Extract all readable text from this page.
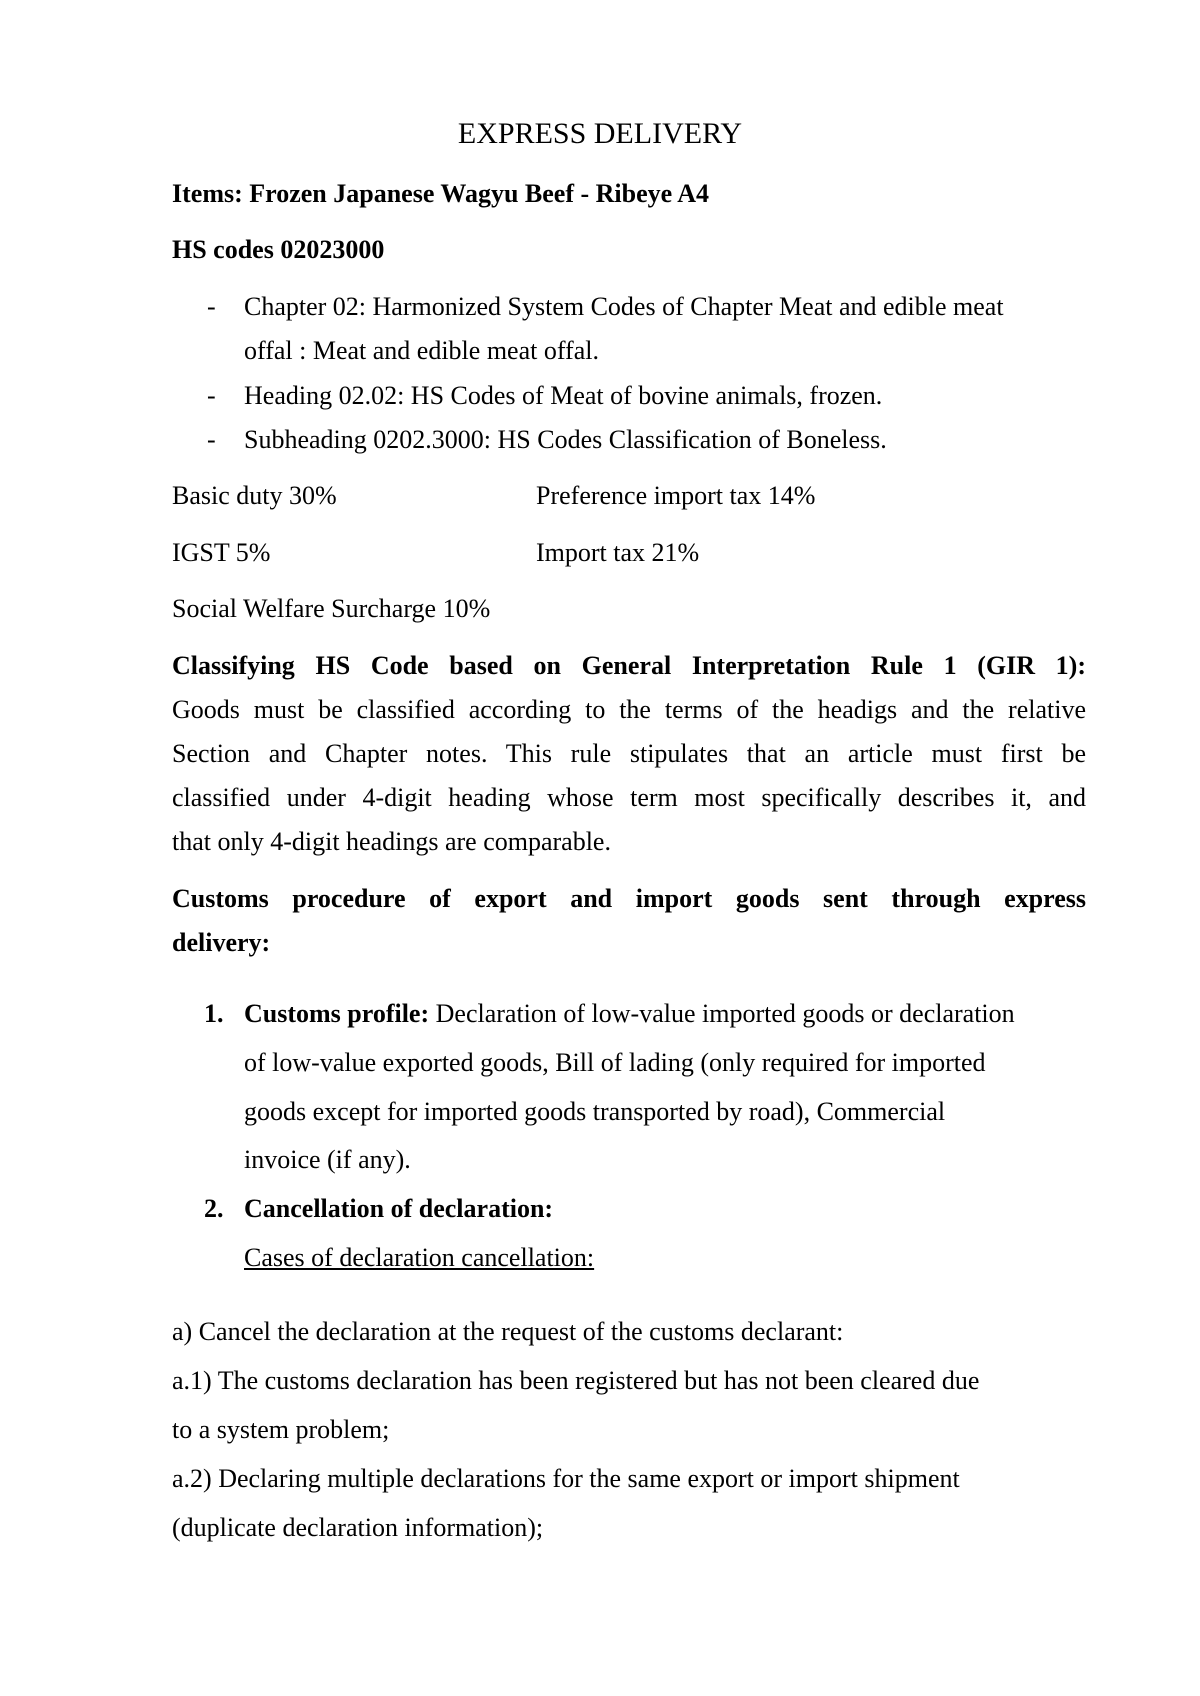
EXPRESS DELIVERY
Items: Frozen Japanese Wagyu Beef - Ribeye A4
HS codes 02023000
- Chapter 02: Harmonized System Codes of Chapter Meat and edible meat
offal : Meat and edible meat offal.
- Heading 02.02: HS Codes of Meat of bovine animals, frozen.
- Subheading 0202.3000: HS Codes Classification of Boneless.
Basic duty 30%	Preference import tax 14%
IGST 5%	Import tax 21%
Social Welfare Surcharge 10%
Classifying HS Code based on General Interpretation Rule 1 (GIR 1):
Goods must be classified according to the terms of the headigs and the relative
Section and Chapter notes. This rule stipulates that an article must first be
classified under 4-digit heading whose term most specifically describes it, and
that only 4-digit headings are comparable.
Customs procedure of export and import goods sent through express
delivery:
1. Customs profile: Declaration of low-value imported goods or declaration
of low-value exported goods, Bill of lading (only required for imported
goods except for imported goods transported by road), Commercial
invoice (if any).
2. Cancellation of declaration:
Cases of declaration cancellation:
a) Cancel the declaration at the request of the customs declarant:
a.1) The customs declaration has been registered but has not been cleared due
to a system problem;
a.2) Declaring multiple declarations for the same export or import shipment
(duplicate declaration information);
